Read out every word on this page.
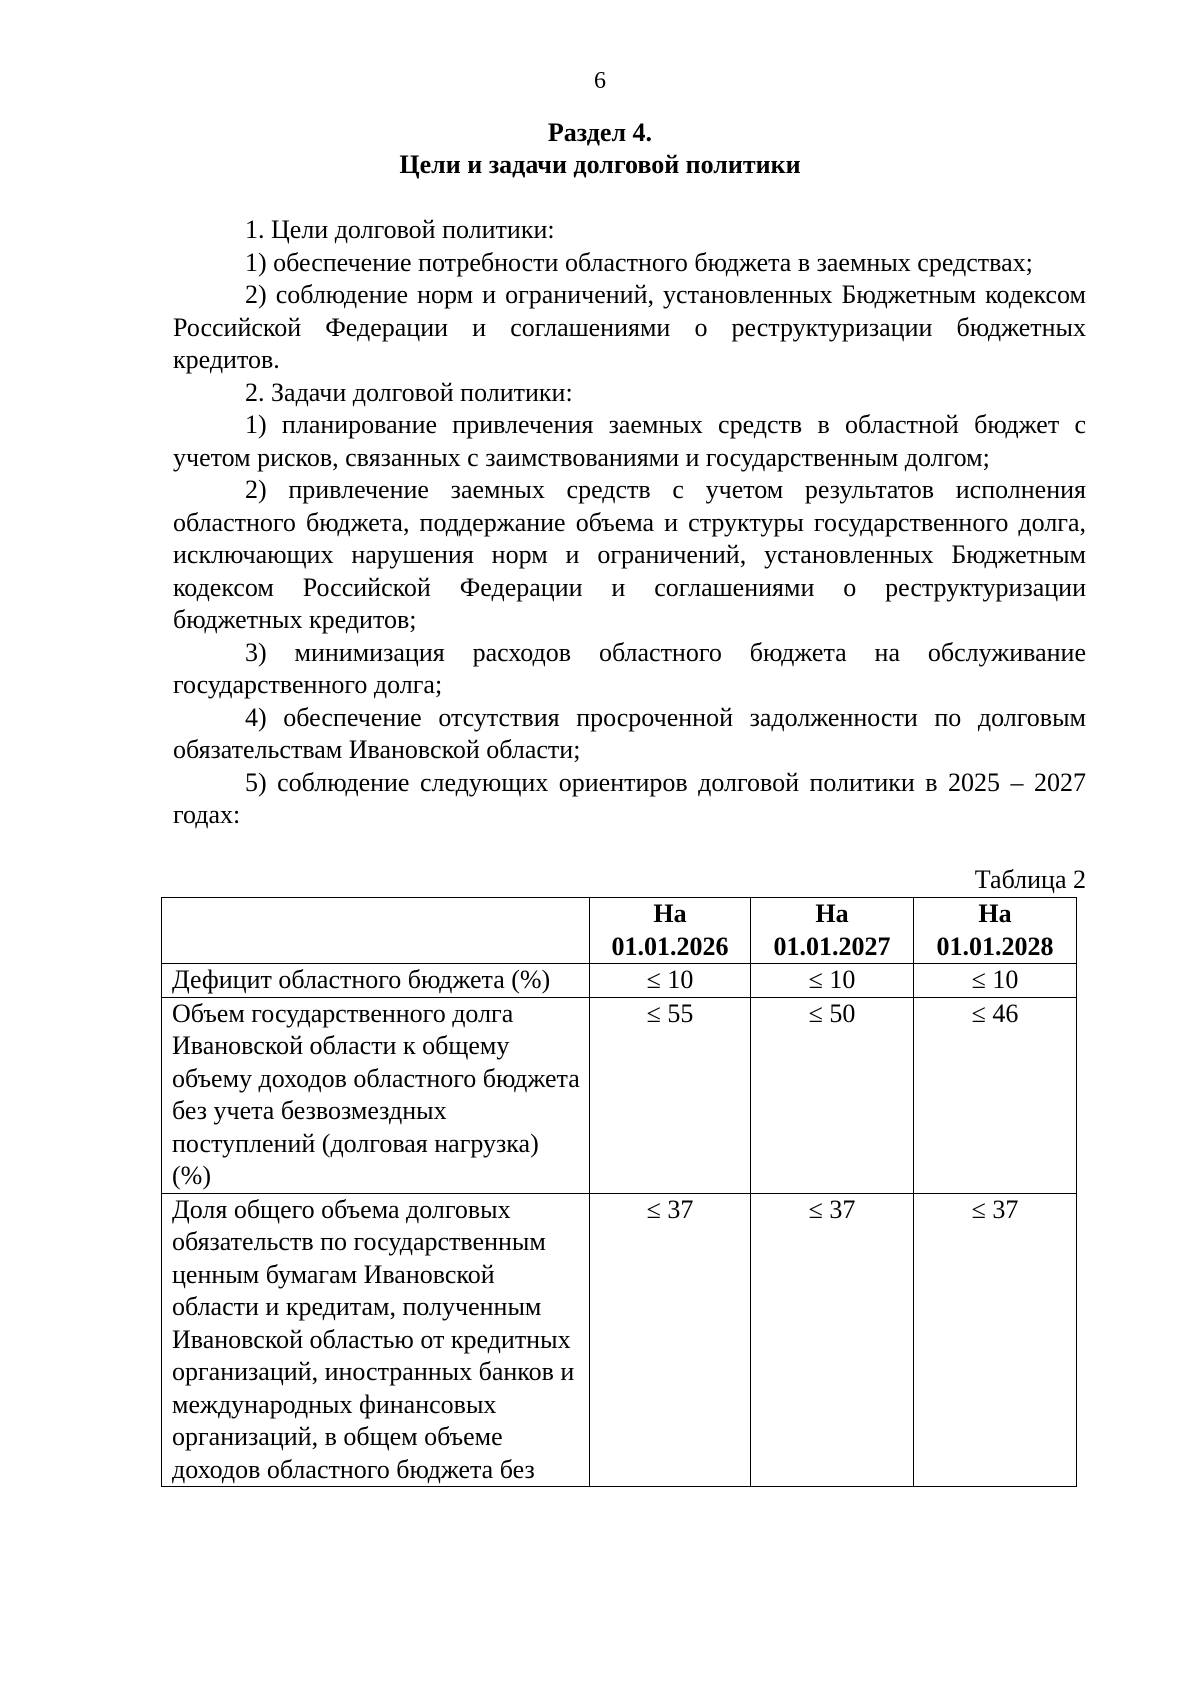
6
Раздел 4.
Цели и задачи долговой политики

1. Цели долговой политики:

1) обеспечение потребности областного бюджета в заемных средствах;

2) соблюдение норм и ограничений, установленных Бюджетным кодексом Российской Федерации и соглашениями о реструктуризации бюджетных кредитов.

2. Задачи долговой политики:

1) планирование привлечения заемных средств в областной бюджет с учетом рисков, связанных с заимствованиями и государственным долгом;

2) привлечение заемных средств с учетом результатов исполнения областного бюджета, поддержание объема и структуры государственного долга, исключающих нарушения норм и ограничений, установленных Бюджетным кодексом Российской Федерации и соглашениями о реструктуризации бюджетных кредитов;

3) минимизация расходов областного бюджета на обслуживание государственного долга;

4) обеспечение отсутствия просроченной задолженности по долговым обязательствам Ивановской области;

5) соблюдение следующих ориентиров долговой политики в 2025 – 2027 годах:

Таблица 2
	На 01.01.2026	На 01.01.2027	На 01.01.2028
Дефицит областного бюджета (%)	≤ 10	≤ 10	≤ 10
Объем государственного долга Ивановской области к общему объему доходов областного бюджета без учета безвозмездных поступлений (долговая нагрузка) (%)	≤ 55	≤ 50	≤ 46
Доля общего объема долговых обязательств по государственным ценным бумагам Ивановской области и кредитам, полученным Ивановской областью от кредитных организаций, иностранных банков и международных финансовых организаций, в общем объеме доходов областного бюджета без	≤ 37	≤ 37	≤ 37
